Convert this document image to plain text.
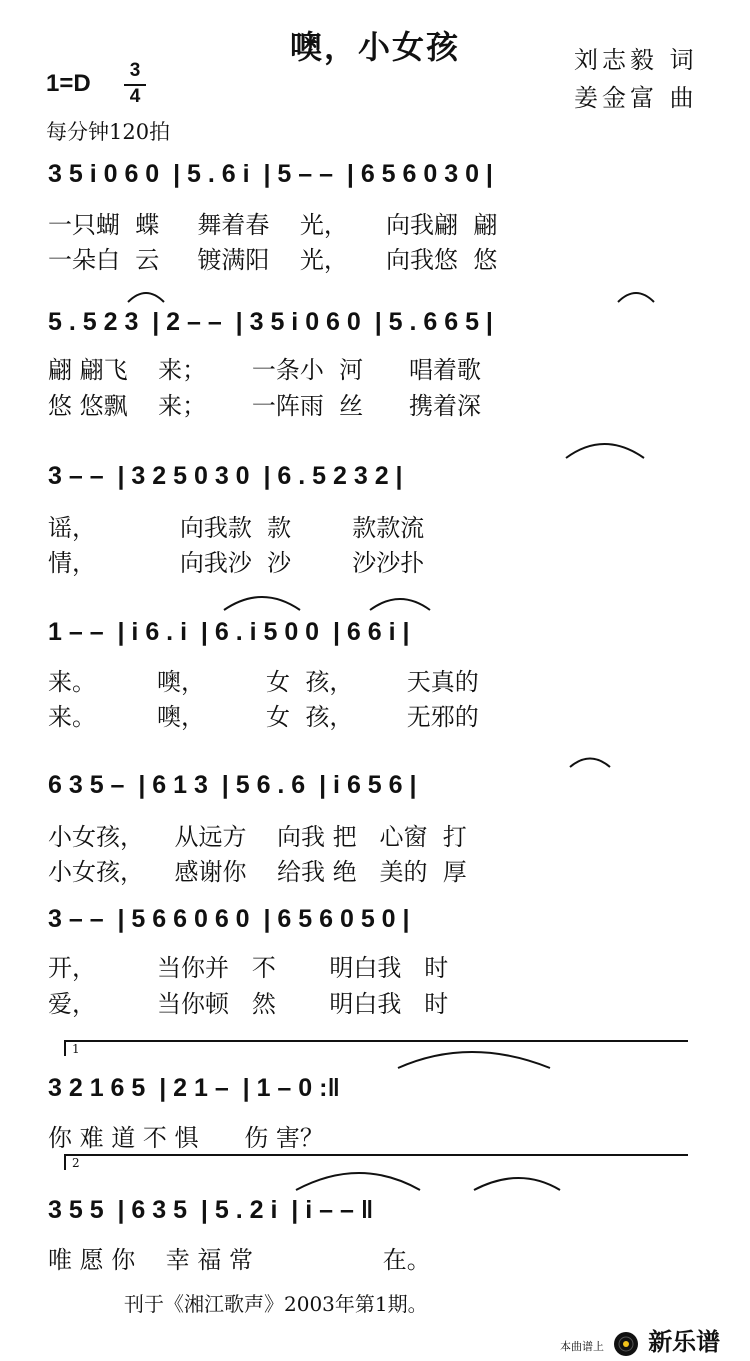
噢，小女孩	刘志毅 词
姜金富 曲
1=D	3
4
每分钟120拍
3 5 i 0 6 0  | 5 . 6 i  | 5 – –  | 6 5 6 0 3 0 |
一只蝴  蝶     舞着春    光，     向我翩  翩
一朵白  云     镀满阳    光，     向我悠  悠
5 . 5 2 3  | 2 – –  | 3 5 i 0 6 0  | 5 . 6 6 5 |
翩 翩飞    来；      一条小  河      唱着歌
悠 悠飘    来；      一阵雨  丝      携着深
3 – –  | 3 2 5 0 3 0  | 6 . 5 2 3 2 |
谣，           向我款  款        款款流
情，           向我沙  沙        沙沙扑
1 – –  | i 6 . i  | 6 . i 5 0 0  | 6 6 i |
来。        噢，        女  孩，       天真的
来。        噢，        女  孩，       无邪的
6 3 5 –  | 6 1 3  | 5 6 . 6  | i 6 5 6 |
小女孩，    从远方    向我 把   心窗  打
小女孩，    感谢你    给我 绝   美的  厚
3 – –  | 5 6 6 0 6 0  | 6 5 6 0 5 0 |
开，        当你并   不       明白我   时
爱，        当你顿   然       明白我   时
1
3 2 1 6 5  | 2 1 –  | 1 – 0 :‖
你 难 道 不 惧      伤 害？
2
3 5 5  | 6 3 5  | 5 . 2 i  | i – – ‖
唯 愿 你    幸 福 常                 在。
刊于《湘江歌声》2003年第1期。
本曲谱上 新乐谱
